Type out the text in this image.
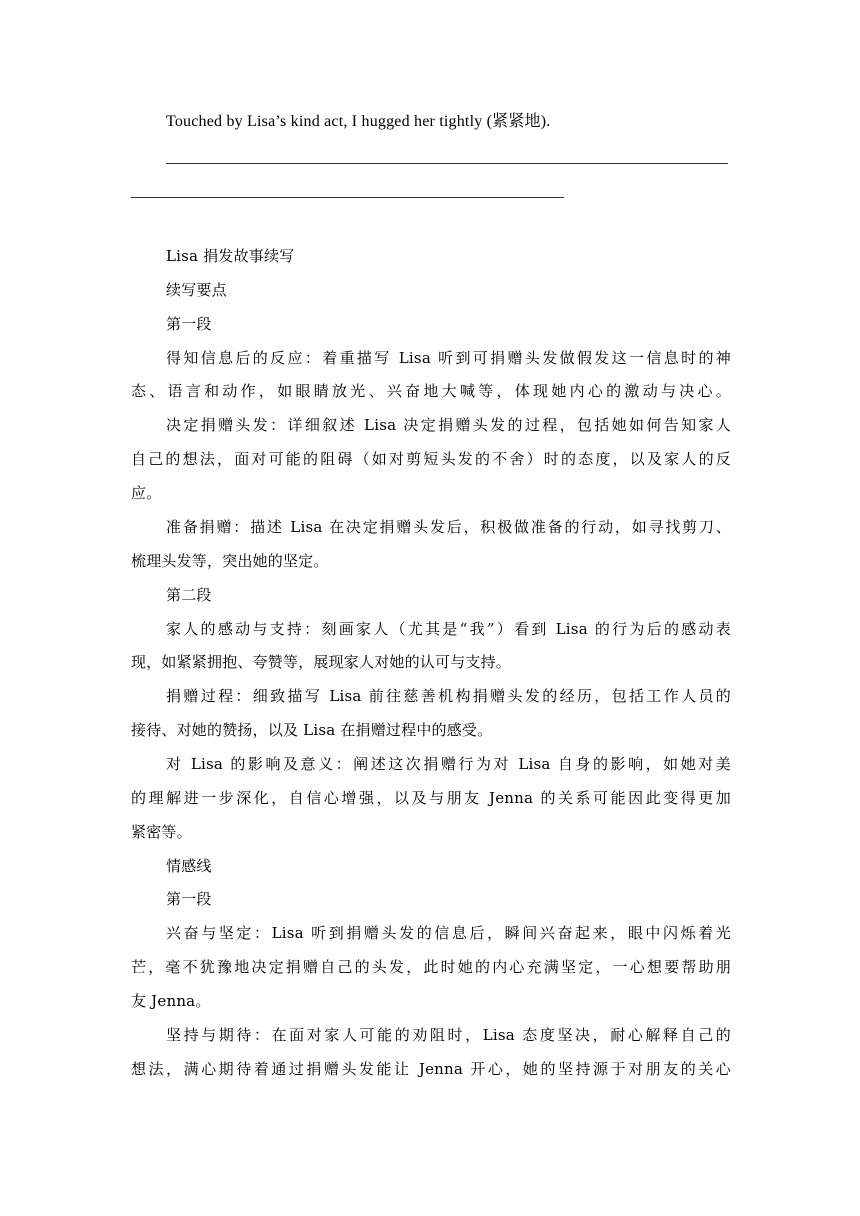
Touched by Lisa’s kind act, I hugged her tightly (紧紧地).
Lisa 捐发故事续写
续写要点
第一段
得知信息后的反应：着重描写 Lisa 听到可捐赠头发做假发这一信息时的神
态、语言和动作，如眼睛放光、兴奋地大喊等，体现她内心的激动与决心。
决定捐赠头发：详细叙述 Lisa 决定捐赠头发的过程，包括她如何告知家人
自己的想法，面对可能的阻碍（如对剪短头发的不舍）时的态度，以及家人的反
应。
准备捐赠：描述 Lisa 在决定捐赠头发后，积极做准备的行动，如寻找剪刀、
梳理头发等，突出她的坚定。
第二段
家人的感动与支持：刻画家人（尤其是“我”）看到 Lisa 的行为后的感动表
现，如紧紧拥抱、夸赞等，展现家人对她的认可与支持。
捐赠过程：细致描写 Lisa 前往慈善机构捐赠头发的经历，包括工作人员的
接待、对她的赞扬，以及 Lisa 在捐赠过程中的感受。
对 Lisa 的影响及意义：阐述这次捐赠行为对 Lisa 自身的影响，如她对美
的理解进一步深化，自信心增强，以及与朋友 Jenna 的关系可能因此变得更加
紧密等。
情感线
第一段
兴奋与坚定：Lisa 听到捐赠头发的信息后，瞬间兴奋起来，眼中闪烁着光
芒，毫不犹豫地决定捐赠自己的头发，此时她的内心充满坚定，一心想要帮助朋
友 Jenna。
坚持与期待：在面对家人可能的劝阻时，Lisa 态度坚决，耐心解释自己的
想法，满心期待着通过捐赠头发能让 Jenna 开心，她的坚持源于对朋友的关心
